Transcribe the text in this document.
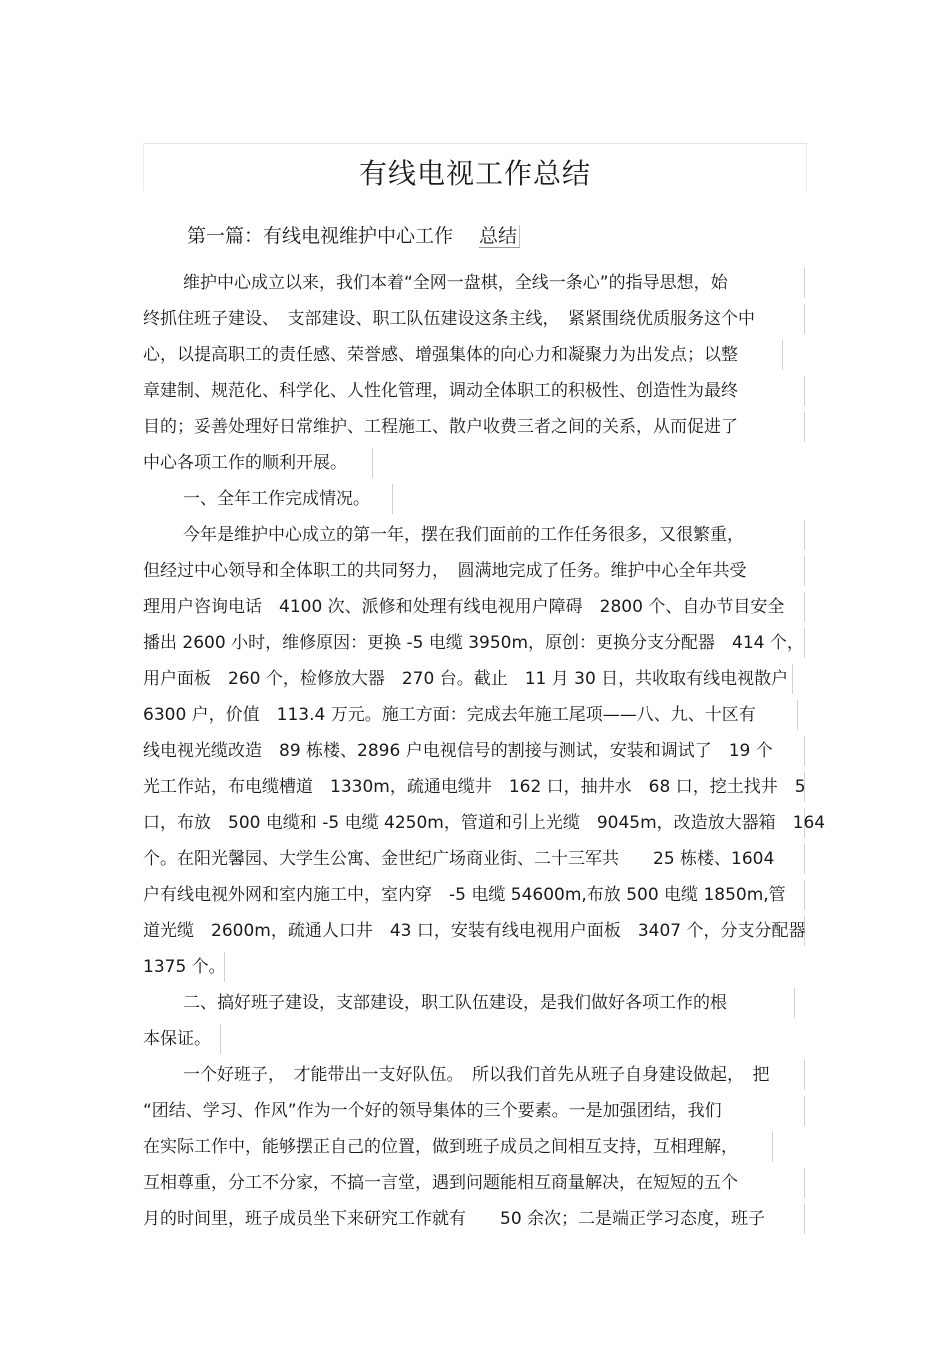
有线电视工作总结
第一篇：有线电视维护中心工作 总结
维护中心成立以来，我们本着“全网一盘棋，全线一条心”的指导思想，始
终抓住班子建设、　支部建设、职工队伍建设这条主线，　紧紧围绕优质服务这个中
心，以提高职工的责任感、荣誉感、增强集体的向心力和凝聚力为出发点；以整
章建制、规范化、科学化、人性化管理，调动全体职工的积极性、创造性为最终
目的；妥善处理好日常维护、工程施工、散户收费三者之间的关系，从而促进了
中心各项工作的顺利开展。
一、全年工作完成情况。
今年是维护中心成立的第一年，摆在我们面前的工作任务很多，又很繁重，
但经过中心领导和全体职工的共同努力，　圆满地完成了任务。维护中心全年共受
理用户咨询电话　4100 次、派修和处理有线电视用户障碍　2800 个、自办节目安全
播出 2600 小时，维修原因：更换 -5 电缆 3950m，原创：更换分支分配器　414 个，
用户面板　260 个，检修放大器　270 台。截止　11 月 30 日，共收取有线电视散户
6300 户，价值　113.4 万元。施工方面：完成去年施工尾项——八、九、十区有
线电视光缆改造　89 栋楼、2896 户电视信号的割接与测试，安装和调试了　19 个
光工作站，布电缆槽道　1330m，疏通电缆井　162 口，抽井水　68 口，挖土找井　5
口，布放　500 电缆和 -5 电缆 4250m，管道和引上光缆　9045m，改造放大器箱　164
个。在阳光馨园、大学生公寓、金世纪广场商业街、二十三军共　　25 栋楼、1604
户有线电视外网和室内施工中，室内穿　-5 电缆 54600m,布放 500 电缆 1850m,管
道光缆　2600m，疏通人口井　43 口，安装有线电视用户面板　3407 个，分支分配器
1375 个。
二、搞好班子建设，支部建设，职工队伍建设，是我们做好各项工作的根
本保证。
一个好班子，　才能带出一支好队伍。　所以我们首先从班子自身建设做起，　把
“团结、学习、作风”作为一个好的领导集体的三个要素。一是加强团结，我们
在实际工作中，能够摆正自己的位置，做到班子成员之间相互支持，互相理解，
互相尊重，分工不分家，不搞一言堂，遇到问题能相互商量解决，在短短的五个
月的时间里，班子成员坐下来研究工作就有　　50 余次；二是端正学习态度，班子
